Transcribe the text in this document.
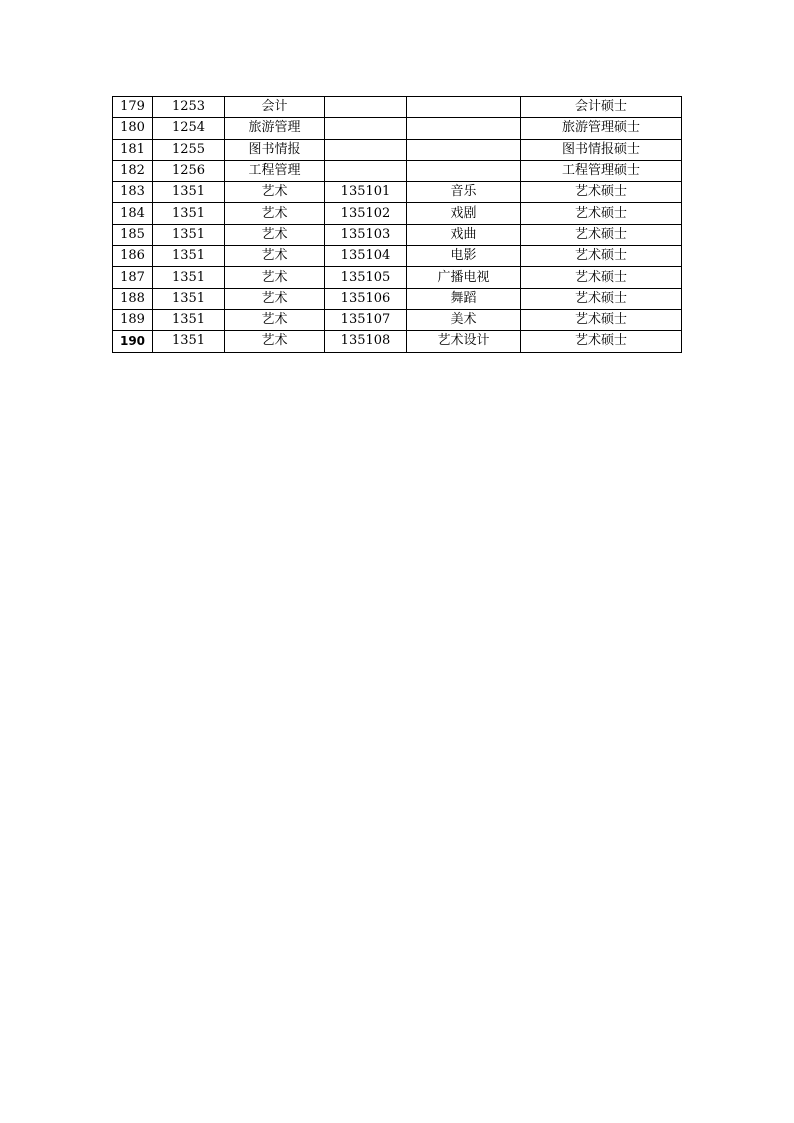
179	1253	会计			会计硕士
180	1254	旅游管理			旅游管理硕士
181	1255	图书情报			图书情报硕士
182	1256	工程管理			工程管理硕士
183	1351	艺术	135101	音乐	艺术硕士
184	1351	艺术	135102	戏剧	艺术硕士
185	1351	艺术	135103	戏曲	艺术硕士
186	1351	艺术	135104	电影	艺术硕士
187	1351	艺术	135105	广播电视	艺术硕士
188	1351	艺术	135106	舞蹈	艺术硕士
189	1351	艺术	135107	美术	艺术硕士
190	1351	艺术	135108	艺术设计	艺术硕士
